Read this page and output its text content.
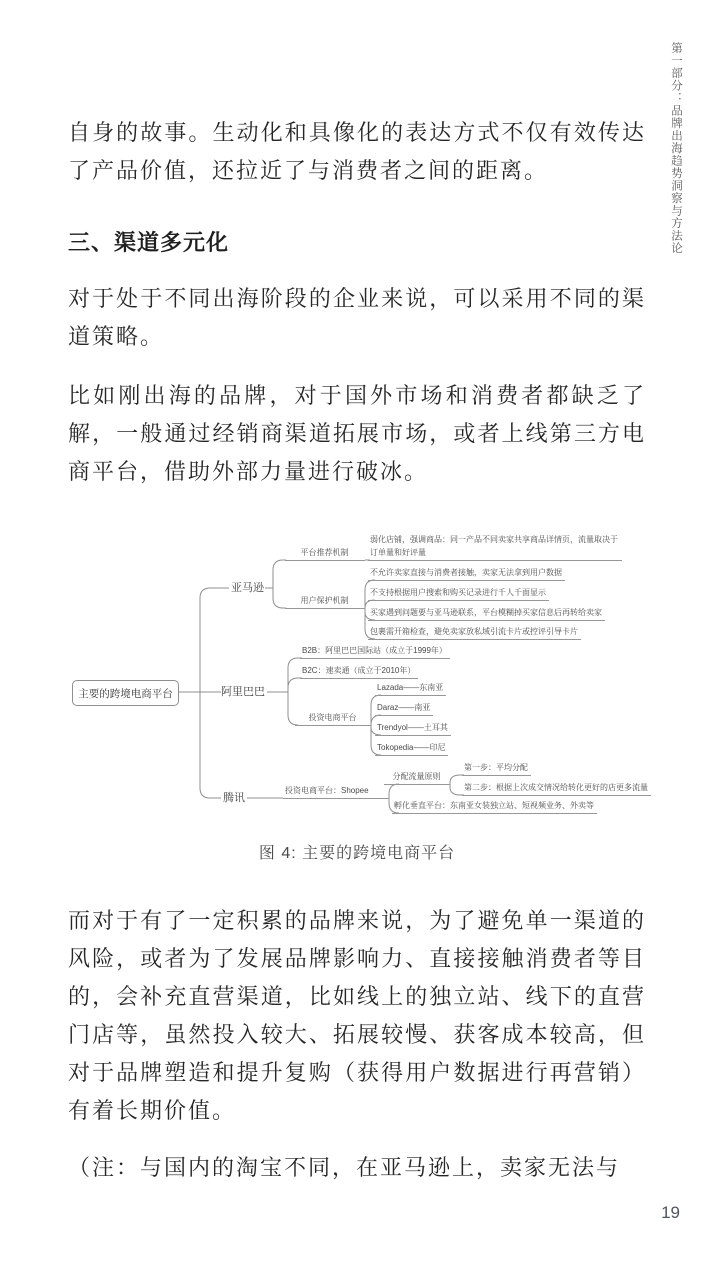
第一部分：品牌出海趋势洞察与方法论

自身的故事。生动化和具像化的表达方式不仅有效传达了产品价值，还拉近了与消费者之间的距离。

三、渠道多元化

对于处于不同出海阶段的企业来说，可以采用不同的渠道策略。

比如刚出海的品牌，对于国外市场和消费者都缺乏了解，一般通过经销商渠道拓展市场，或者上线第三方电商平台，借助外部力量进行破冰。

主要的跨境电商平台
亚马逊
阿里巴巴
腾讯
平台推荐机制
弱化店铺，强调商品：同一产品不同卖家共享商品详情页，流量取决于订单量和好评量
用户保护机制
不允许卖家直接与消费者接触，卖家无法拿到用户数据
不支持根据用户搜索和购买记录进行千人千面显示
买家遇到问题要与亚马逊联系，平台模糊掉买家信息后再转给卖家
包裹需开箱检查，避免卖家放私域引流卡片或控评引导卡片
B2B：阿里巴巴国际站（成立于1999年）
B2C：速卖通（成立于2010年）
投资电商平台
Lazada——东南亚
Daraz——南亚
Trendyol——土耳其
Tokopedia——印尼
投资电商平台：Shopee
分配流量原则
第一步：平均分配
第二步：根据上次成交情况给转化更好的店更多流量
孵化垂直平台：东南亚女装独立站、短视频业务、外卖等

图 4: 主要的跨境电商平台

而对于有了一定积累的品牌来说，为了避免单一渠道的风险，或者为了发展品牌影响力、直接接触消费者等目的，会补充直营渠道，比如线上的独立站、线下的直营门店等，虽然投入较大、拓展较慢、获客成本较高，但对于品牌塑造和提升复购（获得用户数据进行再营销）有着长期价值。

（注：与国内的淘宝不同，在亚马逊上，卖家无法与

19
